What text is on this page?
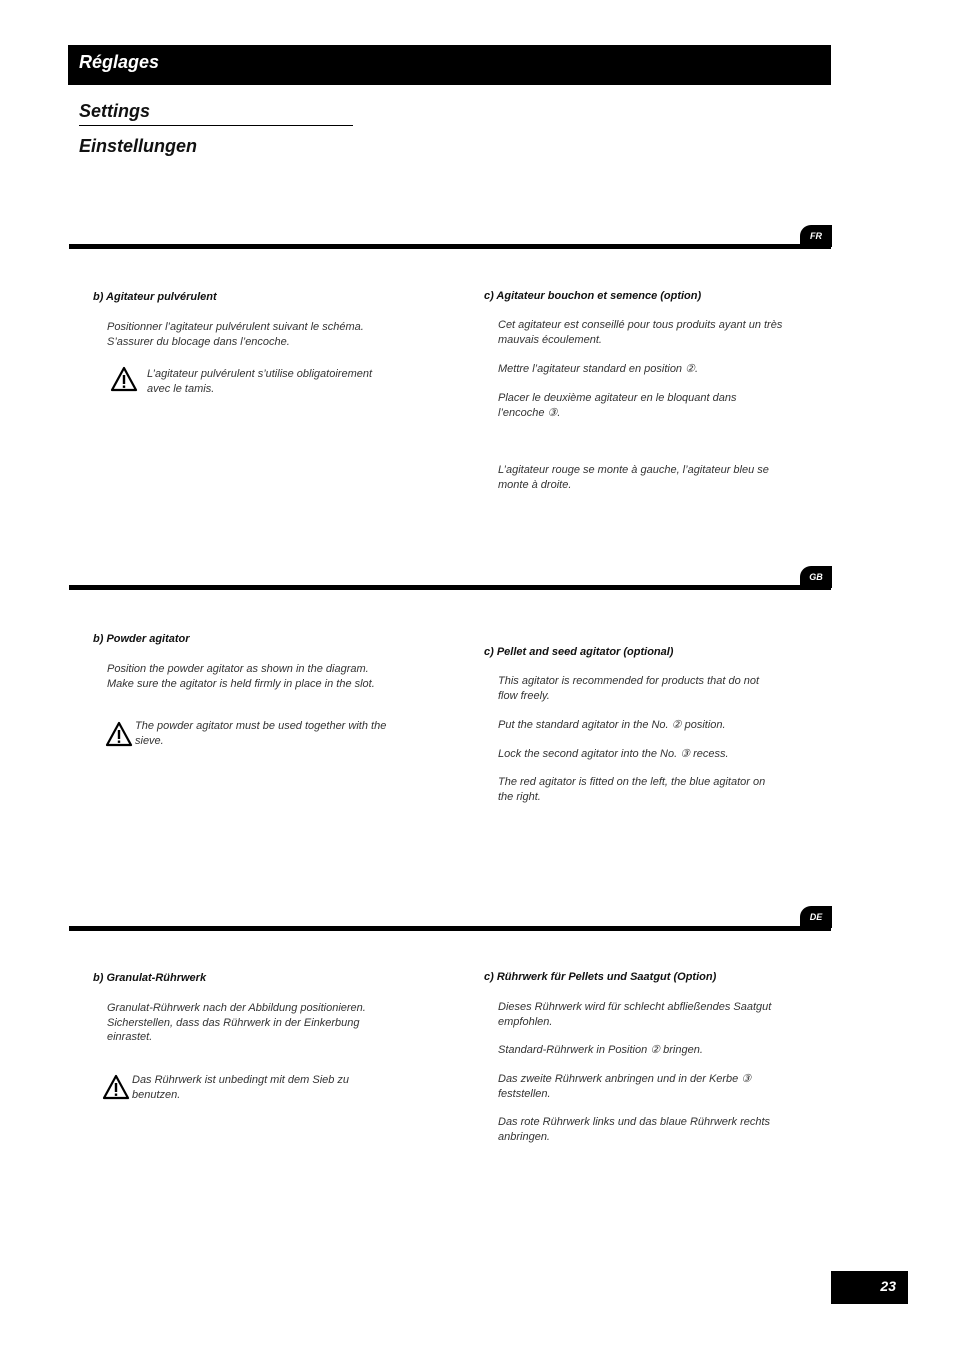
Réglages
Settings
Einstellungen
FR
b) Agitateur pulvérulent
Positionner l’agitateur pulvérulent suivant le schéma.
S’assurer du blocage dans l’encoche.
L’agitateur pulvérulent s’utilise obligatoirement
avec le tamis.
c) Agitateur bouchon et semence (option)
Cet agitateur est conseillé pour tous produits ayant un très
mauvais écoulement.
Mettre l’agitateur standard en position ②.
Placer le deuxième agitateur en le bloquant dans
l’encoche ③.
L’agitateur rouge se monte à gauche, l’agitateur bleu se
monte à droite.
GB
b) Powder agitator
Position the powder agitator as shown in the diagram.
Make sure the agitator is held firmly in place in the slot.
The powder agitator must be used together with the
sieve.
c) Pellet and seed agitator (optional)
This agitator is recommended for products that do not
flow freely.
Put the standard agitator in the No. ② position.
Lock the second agitator into the No. ③ recess.
The red agitator is fitted on the left, the blue agitator on
the right.
DE
b) Granulat-Rührwerk
Granulat-Rührwerk nach der Abbildung positionieren.
Sicherstellen, dass das Rührwerk in der Einkerbung
einrastet.
Das Rührwerk ist unbedingt mit dem Sieb zu
benutzen.
c) Rührwerk für Pellets und Saatgut (Option)
Dieses Rührwerk wird für schlecht abfließendes Saatgut
empfohlen.
Standard-Rührwerk in Position ② bringen.
Das zweite Rührwerk anbringen und in der Kerbe ③
feststellen.
Das rote Rührwerk links und das blaue Rührwerk rechts
anbringen.
23
